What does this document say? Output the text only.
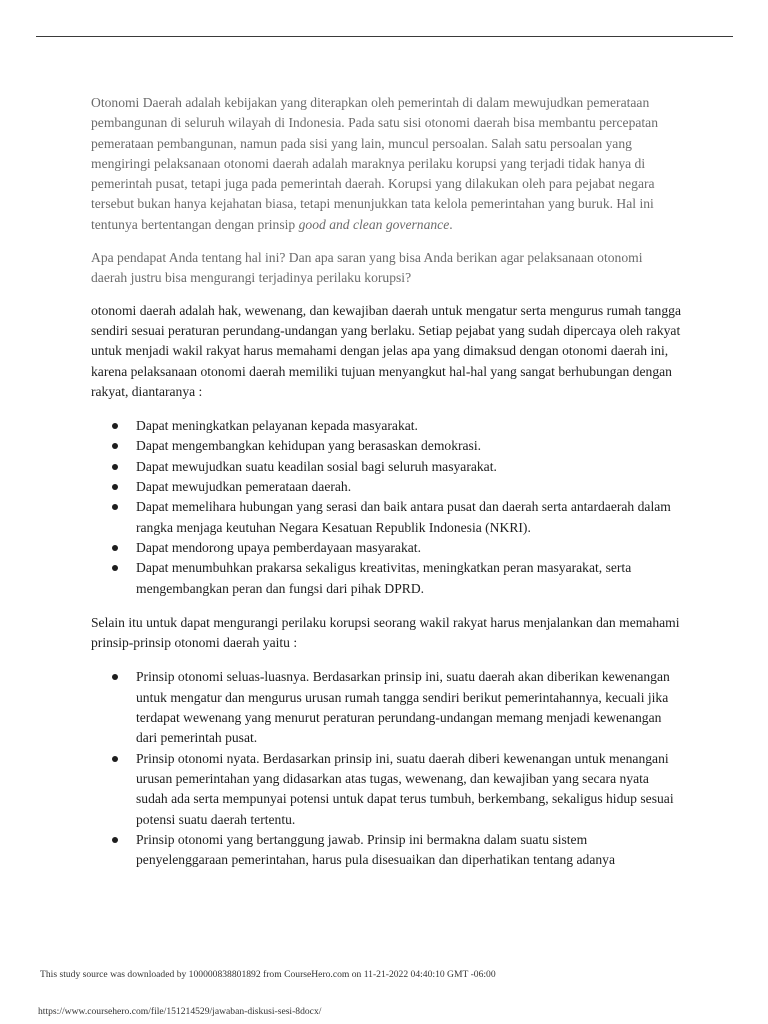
Otonomi Daerah adalah kebijakan yang diterapkan oleh pemerintah di dalam mewujudkan pemerataan pembangunan di seluruh wilayah di Indonesia. Pada satu sisi otonomi daerah bisa membantu percepatan pemerataan pembangunan, namun pada sisi yang lain, muncul persoalan. Salah satu persoalan yang mengiringi pelaksanaan otonomi daerah adalah maraknya perilaku korupsi yang terjadi tidak hanya di pemerintah pusat, tetapi juga pada pemerintah daerah. Korupsi yang dilakukan oleh para pejabat negara tersebut bukan hanya kejahatan biasa, tetapi menunjukkan tata kelola pemerintahan yang buruk. Hal ini tentunya bertentangan dengan prinsip good and clean governance.

Apa pendapat Anda tentang hal ini? Dan apa saran yang bisa Anda berikan agar pelaksanaan otonomi daerah justru bisa mengurangi terjadinya perilaku korupsi?

otonomi daerah adalah hak, wewenang, dan kewajiban daerah untuk mengatur serta mengurus rumah tangga sendiri sesuai peraturan perundang-undangan yang berlaku. Setiap pejabat yang sudah dipercaya oleh rakyat untuk menjadi wakil rakyat harus memahami dengan jelas apa yang dimaksud dengan otonomi daerah ini, karena pelaksanaan otonomi daerah memiliki tujuan menyangkut hal-hal yang sangat berhubungan dengan rakyat, diantaranya :

Dapat meningkatkan pelayanan kepada masyarakat.
Dapat mengembangkan kehidupan yang berasaskan demokrasi.
Dapat mewujudkan suatu keadilan sosial bagi seluruh masyarakat.
Dapat mewujudkan pemerataan daerah.
Dapat memelihara hubungan yang serasi dan baik antara pusat dan daerah serta antardaerah dalam rangka menjaga keutuhan Negara Kesatuan Republik Indonesia (NKRI).
Dapat mendorong upaya pemberdayaan masyarakat.
Dapat menumbuhkan prakarsa sekaligus kreativitas, meningkatkan peran masyarakat, serta mengembangkan peran dan fungsi dari pihak DPRD.

Selain itu untuk dapat mengurangi perilaku korupsi seorang wakil rakyat harus menjalankan dan memahami prinsip-prinsip otonomi daerah yaitu :

Prinsip otonomi seluas-luasnya. Berdasarkan prinsip ini, suatu daerah akan diberikan kewenangan untuk mengatur dan mengurus urusan rumah tangga sendiri berikut pemerintahannya, kecuali jika terdapat wewenang yang menurut peraturan perundang-undangan memang menjadi kewenangan dari pemerintah pusat.
Prinsip otonomi nyata. Berdasarkan prinsip ini, suatu daerah diberi kewenangan untuk menangani urusan pemerintahan yang didasarkan atas tugas, wewenang, dan kewajiban yang secara nyata sudah ada serta mempunyai potensi untuk dapat terus tumbuh, berkembang, sekaligus hidup sesuai potensi suatu daerah tertentu.
Prinsip otonomi yang bertanggung jawab. Prinsip ini bermakna dalam suatu sistem penyelenggaraan pemerintahan, harus pula disesuaikan dan diperhatikan tentang adanya
This study source was downloaded by 100000838801892 from CourseHero.com on 11-21-2022 04:40:10 GMT -06:00
https://www.coursehero.com/file/151214529/jawaban-diskusi-sesi-8docx/
